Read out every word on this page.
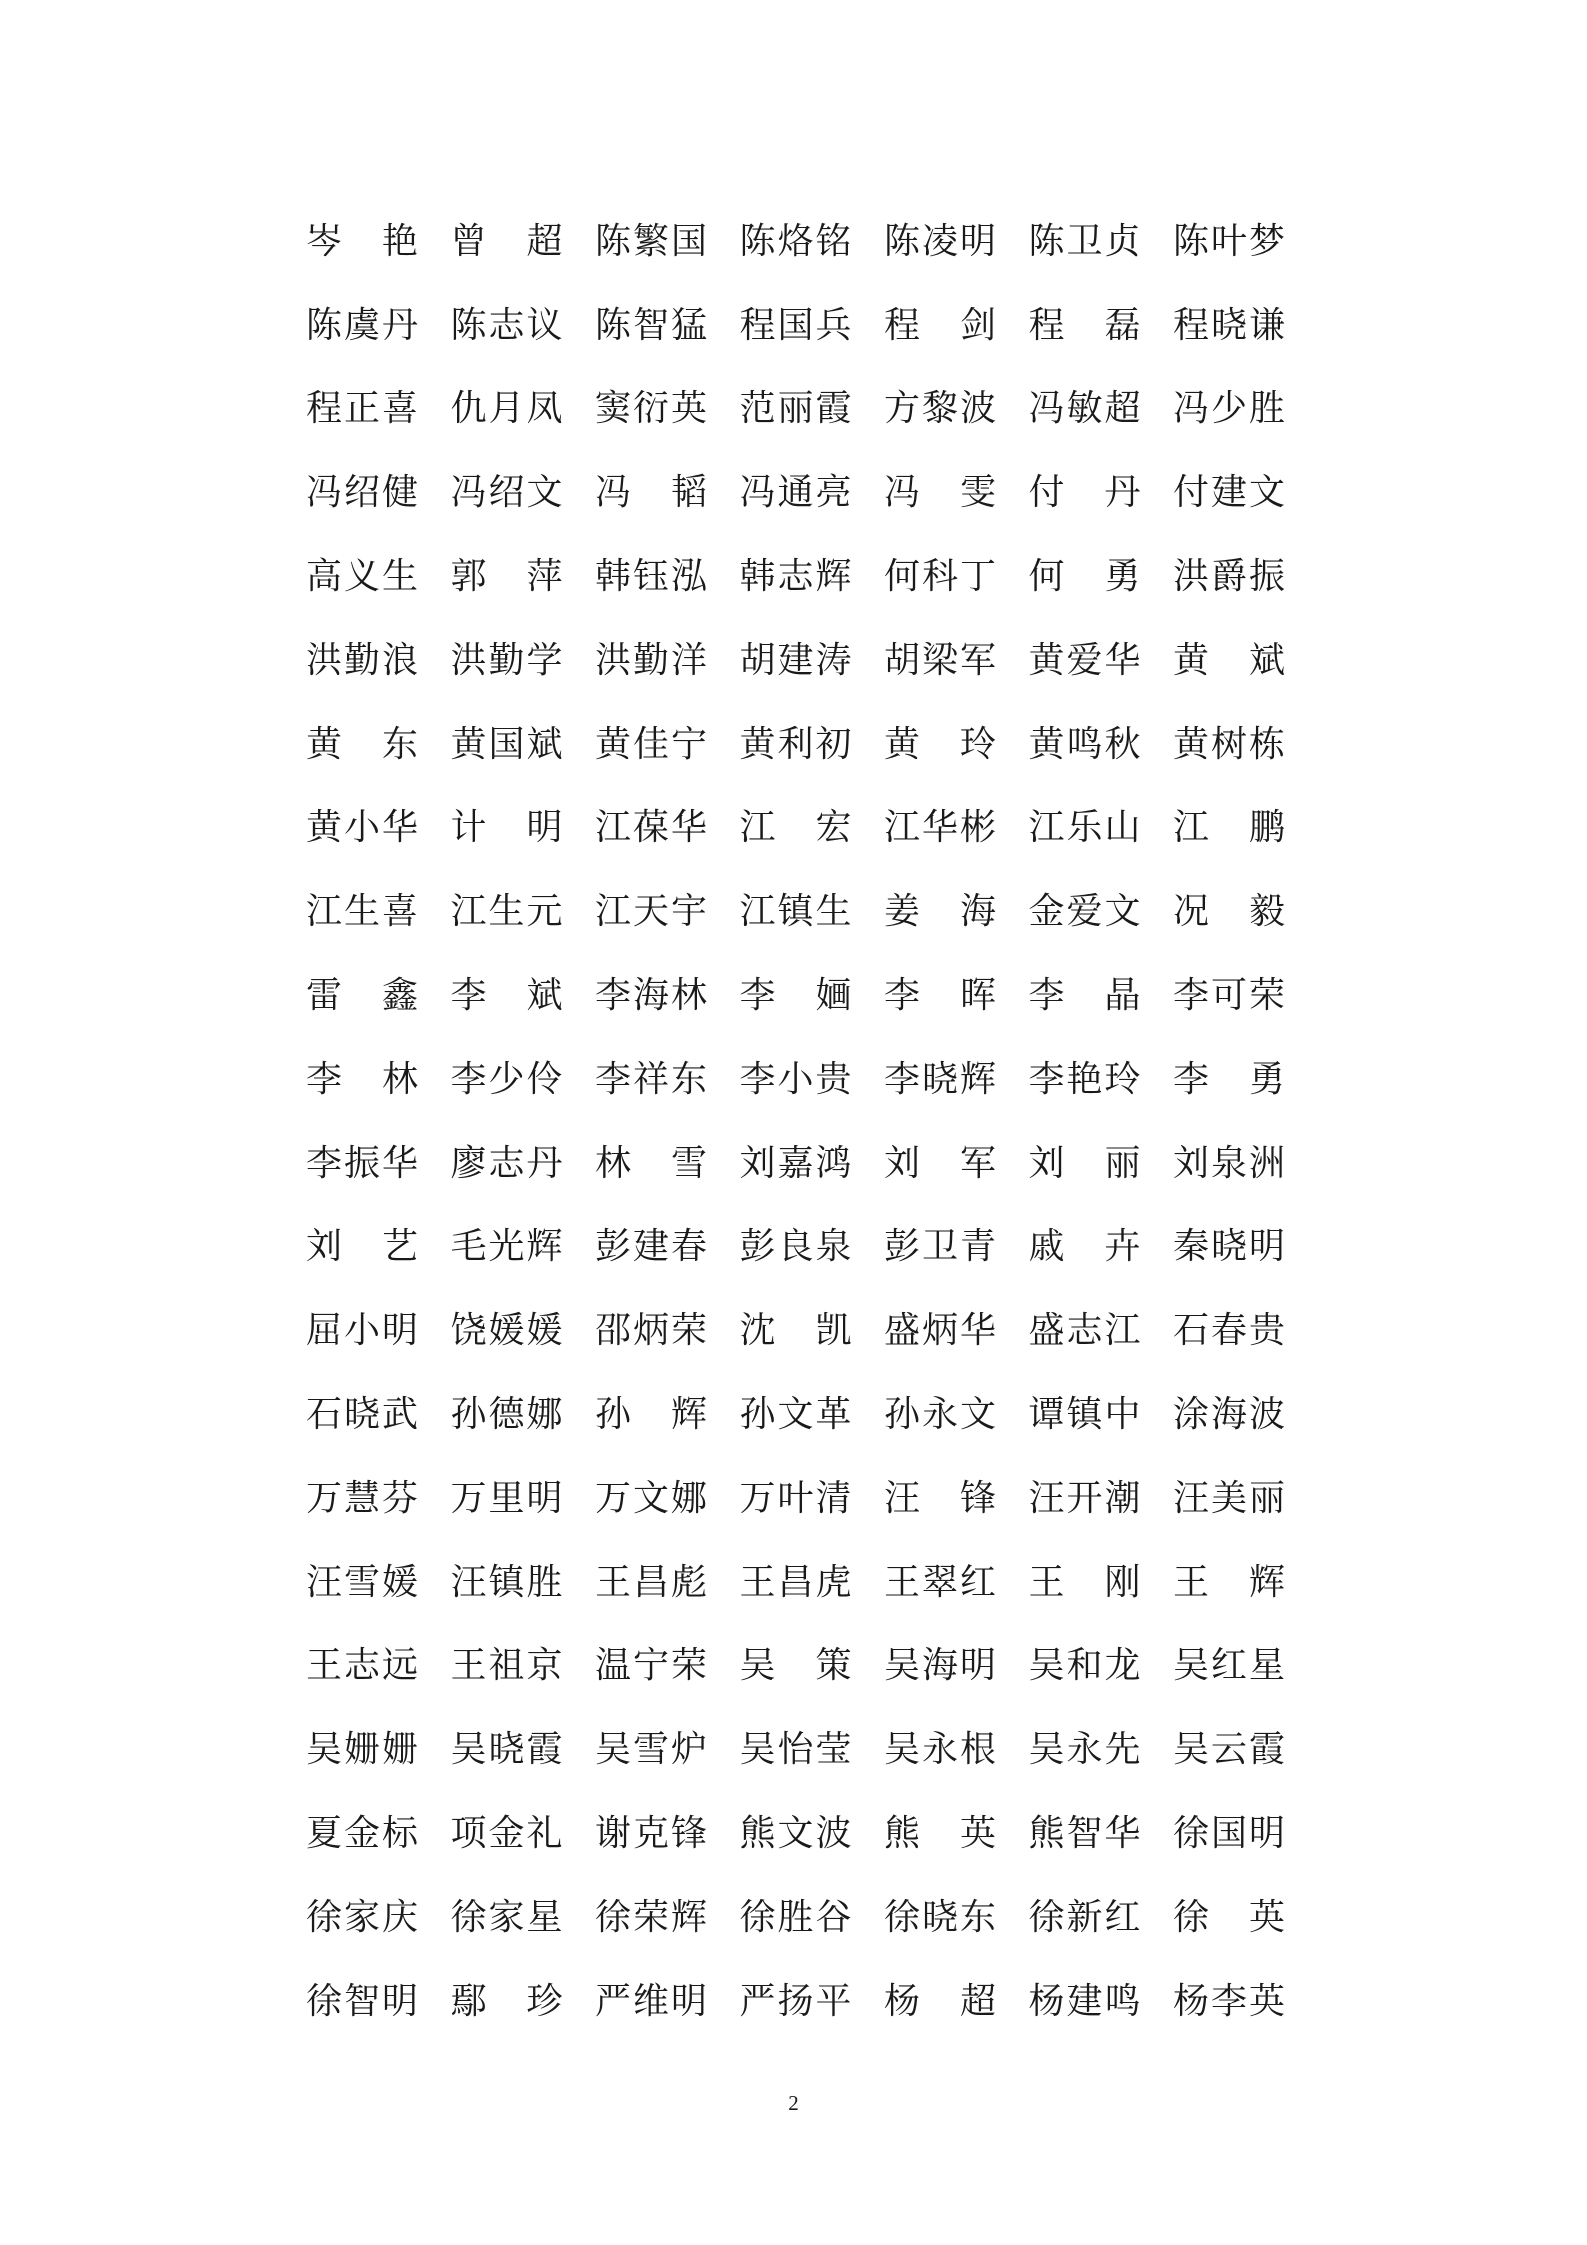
岑艳 曾超 陈繁国 陈烙铭 陈凌明 陈卫贞 陈叶梦
陈虞丹 陈志议 陈智猛 程国兵 程剑 程磊 程晓谦
程正喜 仇月凤 窦衍英 范丽霞 方黎波 冯敏超 冯少胜
冯绍健 冯绍文 冯韬 冯通亮 冯雯 付丹 付建文
高义生 郭萍 韩钰泓 韩志辉 何科丁 何勇 洪爵振
洪勤浪 洪勤学 洪勤洋 胡建涛 胡梁军 黄爱华 黄斌
黄东 黄国斌 黄佳宁 黄利初 黄玲 黄鸣秋 黄树栋
黄小华 计明 江葆华 江宏 江华彬 江乐山 江鹏
江生喜 江生元 江天宇 江镇生 姜海 金爱文 况毅
雷鑫 李斌 李海林 李婳 李晖 李晶 李可荣
李林 李少伶 李祥东 李小贵 李晓辉 李艳玲 李勇
李振华 廖志丹 林雪 刘嘉鸿 刘军 刘丽 刘泉洲
刘艺 毛光辉 彭建春 彭良泉 彭卫青 戚卉 秦晓明
屈小明 饶媛媛 邵炳荣 沈凯 盛炳华 盛志江 石春贵
石晓武 孙德娜 孙辉 孙文革 孙永文 谭镇中 涂海波
万慧芬 万里明 万文娜 万叶清 汪锋 汪开潮 汪美丽
汪雪媛 汪镇胜 王昌彪 王昌虎 王翠红 王刚 王辉
王志远 王祖京 温宁荣 吴策 吴海明 吴和龙 吴红星
吴姗姗 吴晓霞 吴雪炉 吴怡莹 吴永根 吴永先 吴云霞
夏金标 项金礼 谢克锋 熊文波 熊英 熊智华 徐国明
徐家庆 徐家星 徐荣辉 徐胜谷 徐晓东 徐新红 徐英
徐智明 鄢珍 严维明 严扬平 杨超 杨建鸣 杨李英
2
